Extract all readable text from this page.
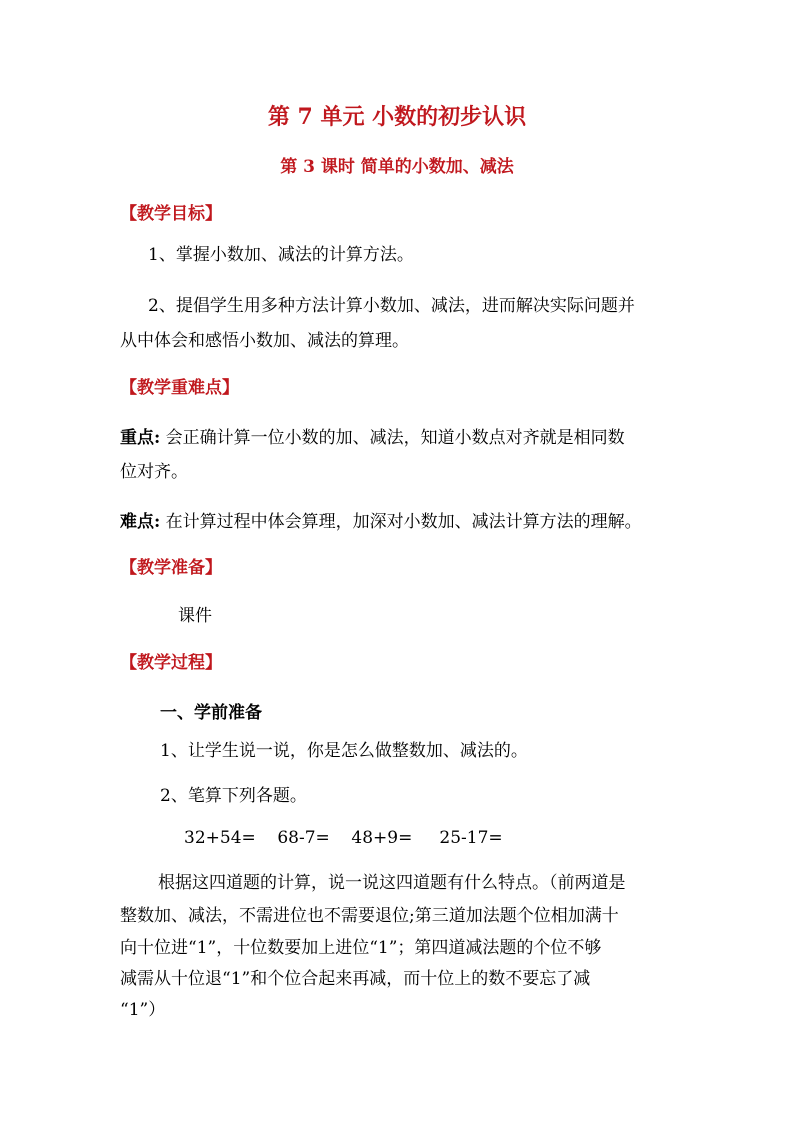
第 7 单元 小数的初步认识
第 3 课时 简单的小数加、减法
【教学目标】
1、掌握小数加、减法的计算方法。
2、提倡学生用多种方法计算小数加、减法，进而解决实际问题并
从中体会和感悟小数加、减法的算理。
【教学重难点】
重点: 会正确计算一位小数的加、减法，知道小数点对齐就是相同数
位对齐。
难点: 在计算过程中体会算理，加深对小数加、减法计算方法的理解。
【教学准备】
课件
【教学过程】
一、学前准备
1、让学生说一说，你是怎么做整数加、减法的。
2、笔算下列各题。
32+54=    68-7=    48+9=     25-17=
根据这四道题的计算，说一说这四道题有什么特点。（前两道是
整数加、减法，不需进位也不需要退位;第三道加法题个位相加满十
向十位进“1”，十位数要加上进位“1”；第四道减法题的个位不够
减需从十位退“1”和个位合起来再减，而十位上的数不要忘了减
“1”）
